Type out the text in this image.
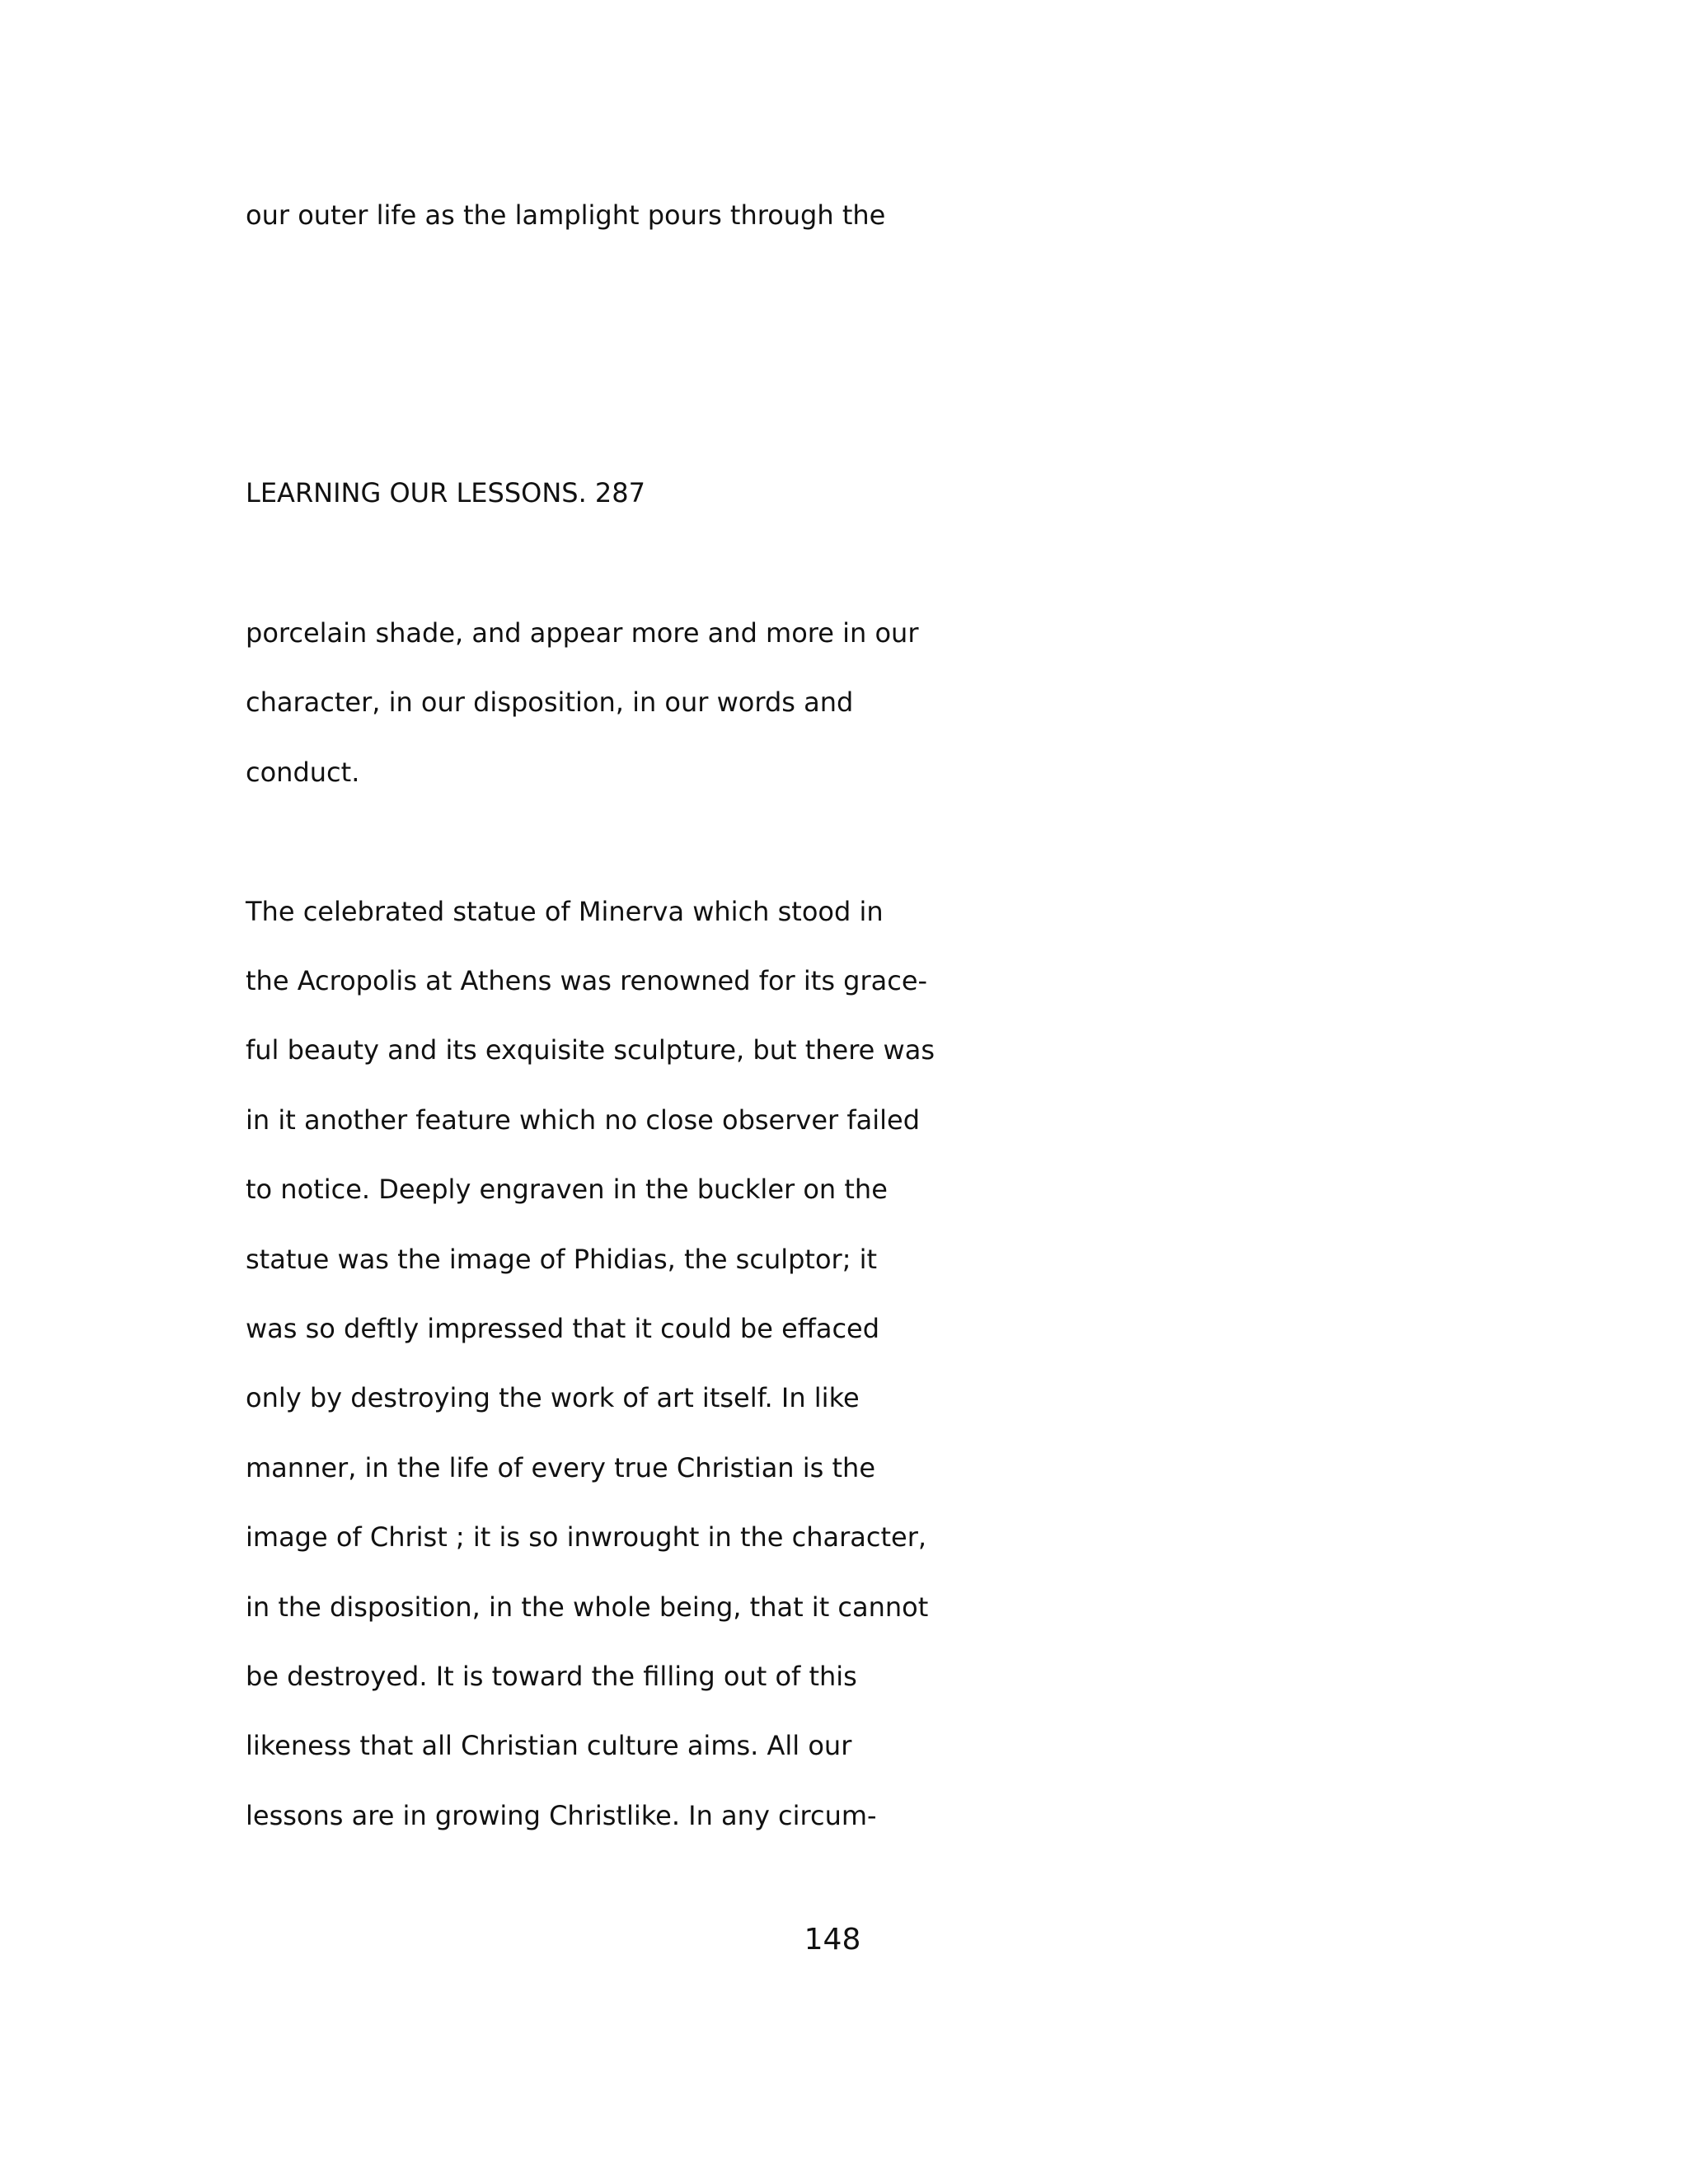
our outer life as the lamplight pours through the
LEARNING OUR LESSONS. 287
porcelain shade, and appear more and more in our
character, in our disposition, in our words and
conduct.
The celebrated statue of Minerva which stood in
the Acropolis at Athens was renowned for its grace-
ful beauty and its exquisite sculpture, but there was
in it another feature which no close observer failed
to notice. Deeply engraven in the buckler on the
statue was the image of Phidias, the sculptor; it
was so deftly impressed that it could be effaced
only by destroying the work of art itself. In like
manner, in the life of every true Christian is the
image of Christ ; it is so inwrought in the character,
in the disposition, in the whole being, that it cannot
be destroyed. It is toward the filling out of this
likeness that all Christian culture aims. All our
lessons are in growing Christlike. In any circum-
148
